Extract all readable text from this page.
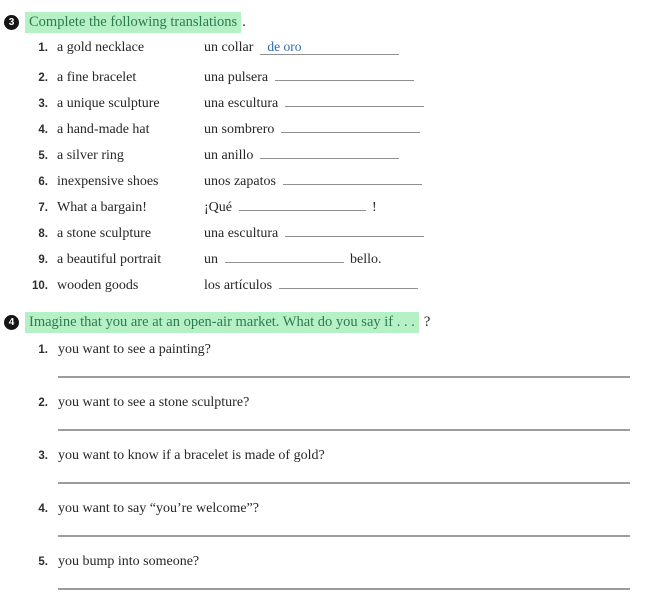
3	Complete the following translations .
1. a gold necklace	un collar	de oro
2. a fine bracelet	una pulsera
3. a unique sculpture	una escultura
4. a hand-made hat	un sombrero
5. a silver ring	un anillo
6. inexpensive shoes	unos zapatos
7. What a bargain!	¡Qué	!
8. a stone sculpture	una escultura
9. a beautiful portrait	un	bello.
10. wooden goods	los artículos
4	Imagine that you are at an open-air market. What do you say if . . . ?
1. you want to see a painting?
2. you want to see a stone sculpture?
3. you want to know if a bracelet is made of gold?
4. you want to say “you’re welcome”?
5. you bump into someone?
